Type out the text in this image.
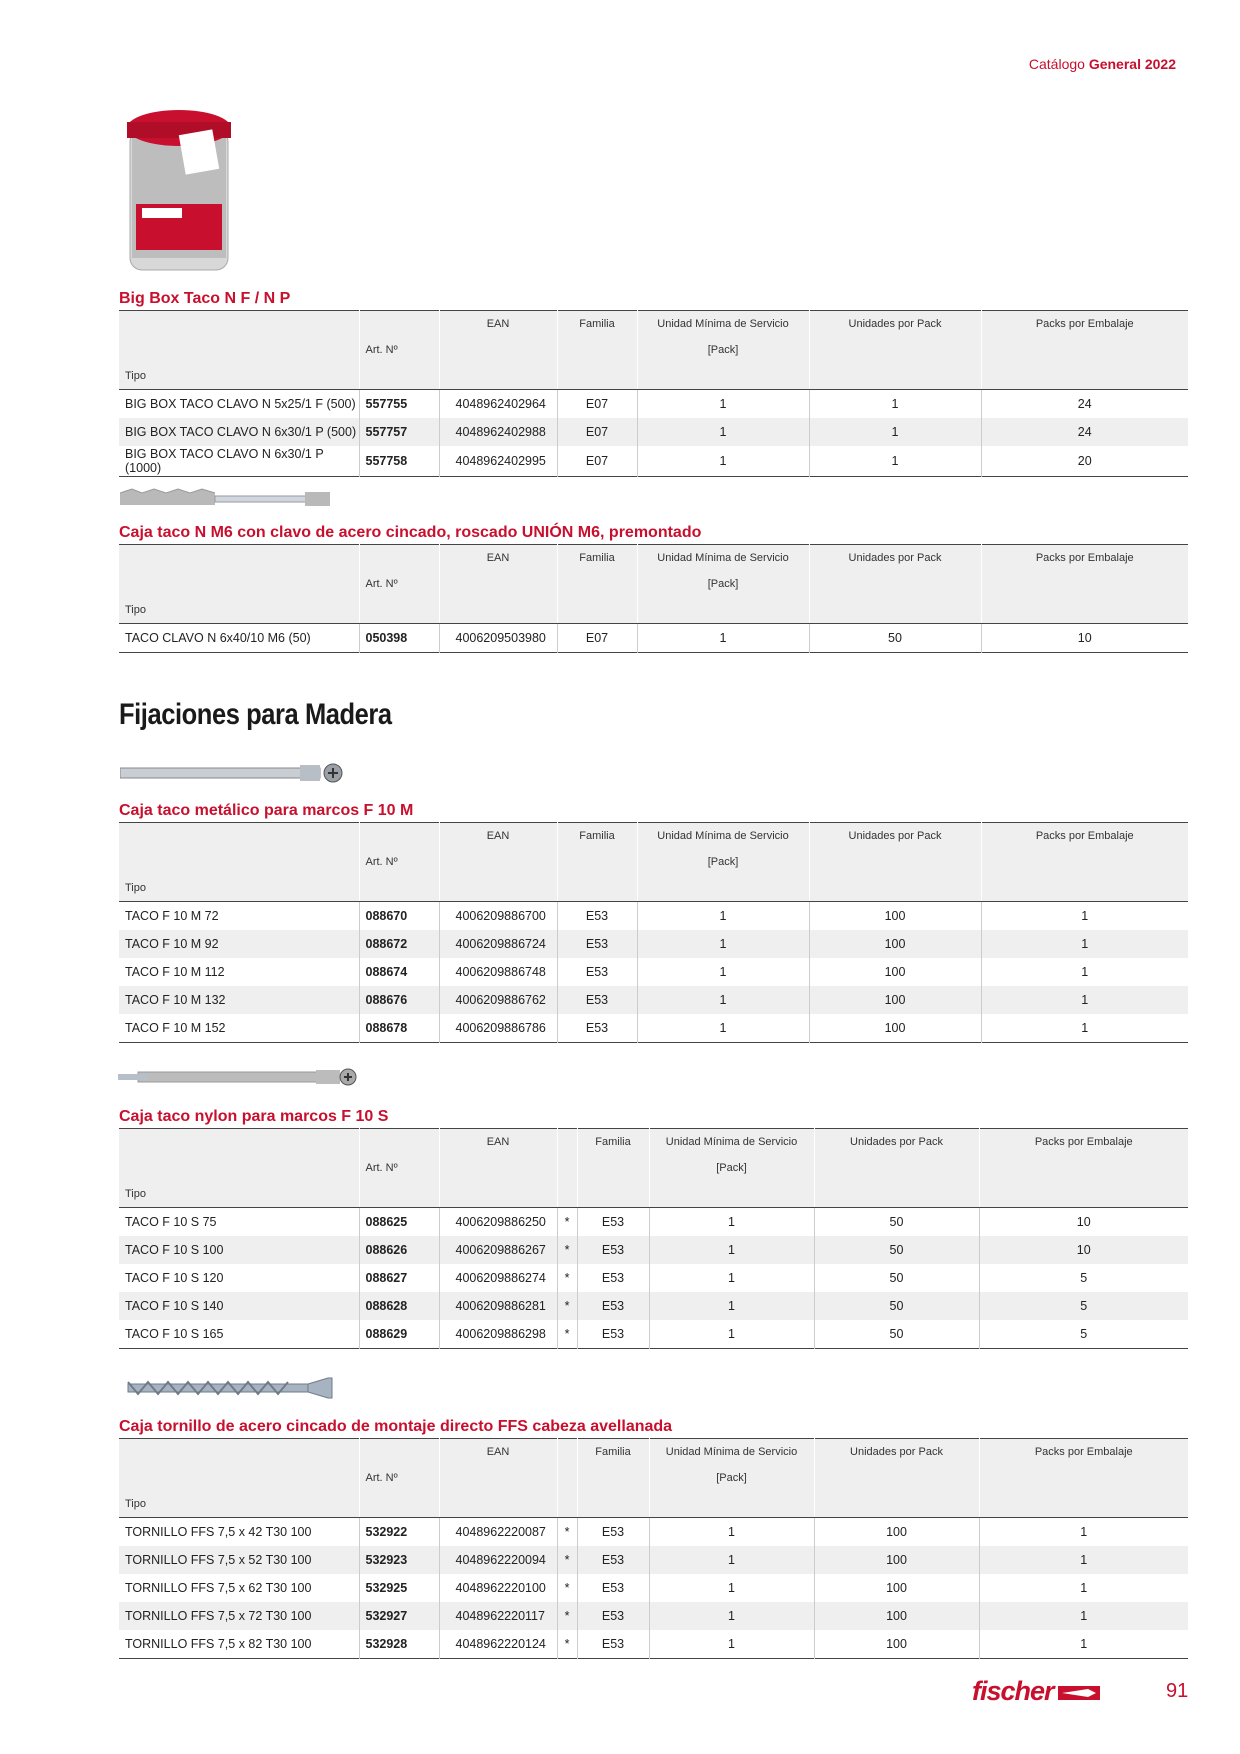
Catálogo General 2022
Fijaciones para Madera
Big Box Taco N F / N P
		EAN	Familia	Unidad Mínima de Servicio	Unidades por Pack	Packs por Embalaje
	Art. Nº			[Pack]		
Tipo						
BIG BOX TACO CLAVO N 5x25/1 F (500)	557755	4048962402964	E07	1	1	24
BIG BOX TACO CLAVO N 6x30/1 P (500)	557757	4048962402988	E07	1	1	24
BIG BOX TACO CLAVO N 6x30/1 P (1000)	557758	4048962402995	E07	1	1	20
Caja taco N M6 con clavo de acero cincado, roscado UNIÓN M6, premontado
		EAN	Familia	Unidad Mínima de Servicio	Unidades por Pack	Packs por Embalaje
	Art. Nº			[Pack]		
Tipo						
TACO CLAVO N 6x40/10 M6 (50)	050398	4006209503980	E07	1	50	10
Caja taco metálico para marcos F 10 M
		EAN	Familia	Unidad Mínima de Servicio	Unidades por Pack	Packs por Embalaje
	Art. Nº			[Pack]		
Tipo						
TACO F 10 M 72	088670	4006209886700	E53	1	100	1
TACO F 10 M 92	088672	4006209886724	E53	1	100	1
TACO F 10 M 112	088674	4006209886748	E53	1	100	1
TACO F 10 M 132	088676	4006209886762	E53	1	100	1
TACO F 10 M 152	088678	4006209886786	E53	1	100	1
Caja taco nylon para marcos F 10 S
		EAN		Familia	Unidad Mínima de Servicio	Unidades por Pack	Packs por Embalaje
	Art. Nº				[Pack]		
Tipo							
TACO F 10 S 75	088625	4006209886250	*	E53	1	50	10
TACO F 10 S 100	088626	4006209886267	*	E53	1	50	10
TACO F 10 S 120	088627	4006209886274	*	E53	1	50	5
TACO F 10 S 140	088628	4006209886281	*	E53	1	50	5
TACO F 10 S 165	088629	4006209886298	*	E53	1	50	5
Caja tornillo de acero cincado de montaje directo FFS cabeza avellanada
		EAN		Familia	Unidad Mínima de Servicio	Unidades por Pack	Packs por Embalaje
	Art. Nº				[Pack]		
Tipo							
TORNILLO FFS 7,5 x 42 T30 100	532922	4048962220087	*	E53	1	100	1
TORNILLO FFS 7,5 x 52 T30 100	532923	4048962220094	*	E53	1	100	1
TORNILLO FFS 7,5 x 62 T30 100	532925	4048962220100	*	E53	1	100	1
TORNILLO FFS 7,5 x 72 T30 100	532927	4048962220117	*	E53	1	100	1
TORNILLO FFS 7,5 x 82 T30 100	532928	4048962220124	*	E53	1	100	1
fischer	91
